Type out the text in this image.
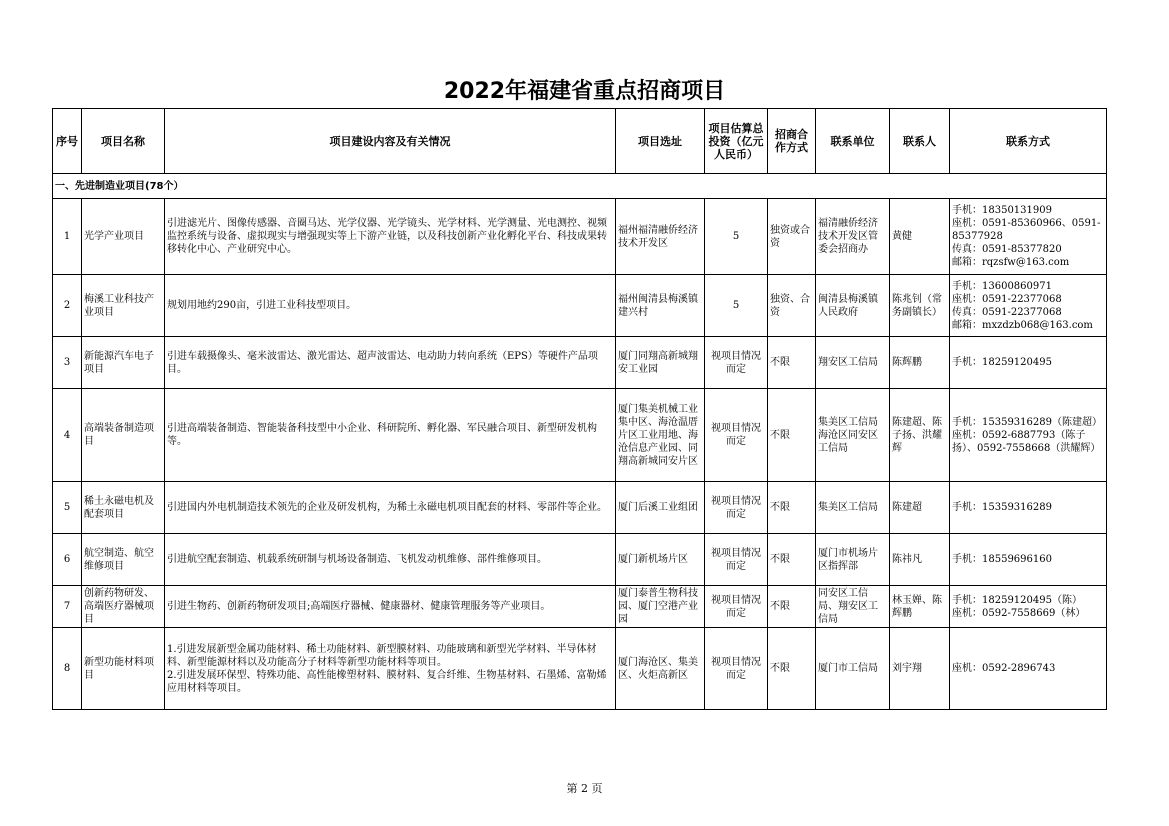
2022年福建省重点招商项目
序号	项目名称	项目建设内容及有关情况	项目选址	项目估算总投资（亿元人民币）	招商合作方式	联系单位	联系人	联系方式
一、先进制造业项目(78个）								
1	光学产业项目	引进滤光片、图像传感器、音圈马达、光学仪器、光学镜头、光学材料、光学测量、光电测控、视频监控系统与设备、虚拟现实与增强现实等上下游产业链，以及科技创新产业化孵化平台、科技成果转移转化中心、产业研究中心。	福州福清融侨经济技术开发区	5	独资或合资	福清融侨经济技术开发区管委会招商办	黄健	手机：18350131909
座机：0591-85360966、0591-85377928
传真：0591-85377820
邮箱：rqzsfw@163.com

2	梅溪工业科技产业项目	规划用地约290亩，引进工业科技型项目。	福州闽清县梅溪镇建兴村	5	独资、合资	闽清县梅溪镇人民政府	陈兆钊（常务副镇长）	手机：13600860971
座机：0591-22377068
传真：0591-22377068
邮箱：mxzdzb068@163.com

3	新能源汽车电子项目	引进车载摄像头、毫米波雷达、激光雷达、超声波雷达、电动助力转向系统（EPS）等硬件产品项目。	厦门同翔高新城翔安工业园	视项目情况而定	不限	翔安区工信局	陈辉鹏	手机：18259120495

4	高端装备制造项目	引进高端装备制造、智能装备科技型中小企业、科研院所、孵化器、军民融合项目、新型研发机构等。	厦门集美机械工业集中区、海沧温厝片区工业用地、海沧信息产业园、同翔高新城同安片区	视项目情况而定	不限	集美区工信局海沧区同安区工信局	陈建超、陈子扬、洪耀辉	手机：15359316289（陈建超）
座机：0592-6887793（陈子扬）、0592-7558668（洪耀辉）

5	稀土永磁电机及配套项目	引进国内外电机制造技术领先的企业及研发机构，为稀土永磁电机项目配套的材料、零部件等企业。	厦门后溪工业组团	视项目情况而定	不限	集美区工信局	陈建超	手机：15359316289

6	航空制造、航空维修项目	引进航空配套制造、机载系统研制与机场设备制造、飞机发动机维修、部件维修项目。	厦门新机场片区	视项目情况而定	不限	厦门市机场片区指挥部	陈祎凡	手机：18559696160

7	创新药物研发、高端医疗器械项目	引进生物药、创新药物研发项目;高端医疗器械、健康器材、健康管理服务等产业项目。	厦门泰普生物科技园、厦门空港产业园	视项目情况而定	不限	同安区工信局、翔安区工信局	林玉婵、陈辉鹏	手机：18259120495（陈）
座机：0592-7558669（林）

8	新型功能材料项目	1.引进发展新型金属功能材料、稀土功能材料、新型膜材料、功能玻璃和新型光学材料、半导体材料、新型能源材料以及功能高分子材料等新型功能材料等项目。
2.引进发展环保型、特殊功能、高性能橡塑材料、膜材料、复合纤维、生物基材料、石墨烯、富勒烯应用材料等项目。	厦门海沧区、集美区、火炬高新区	视项目情况而定	不限	厦门市工信局	刘宇翔	座机：0592-2896743
第 2 页
